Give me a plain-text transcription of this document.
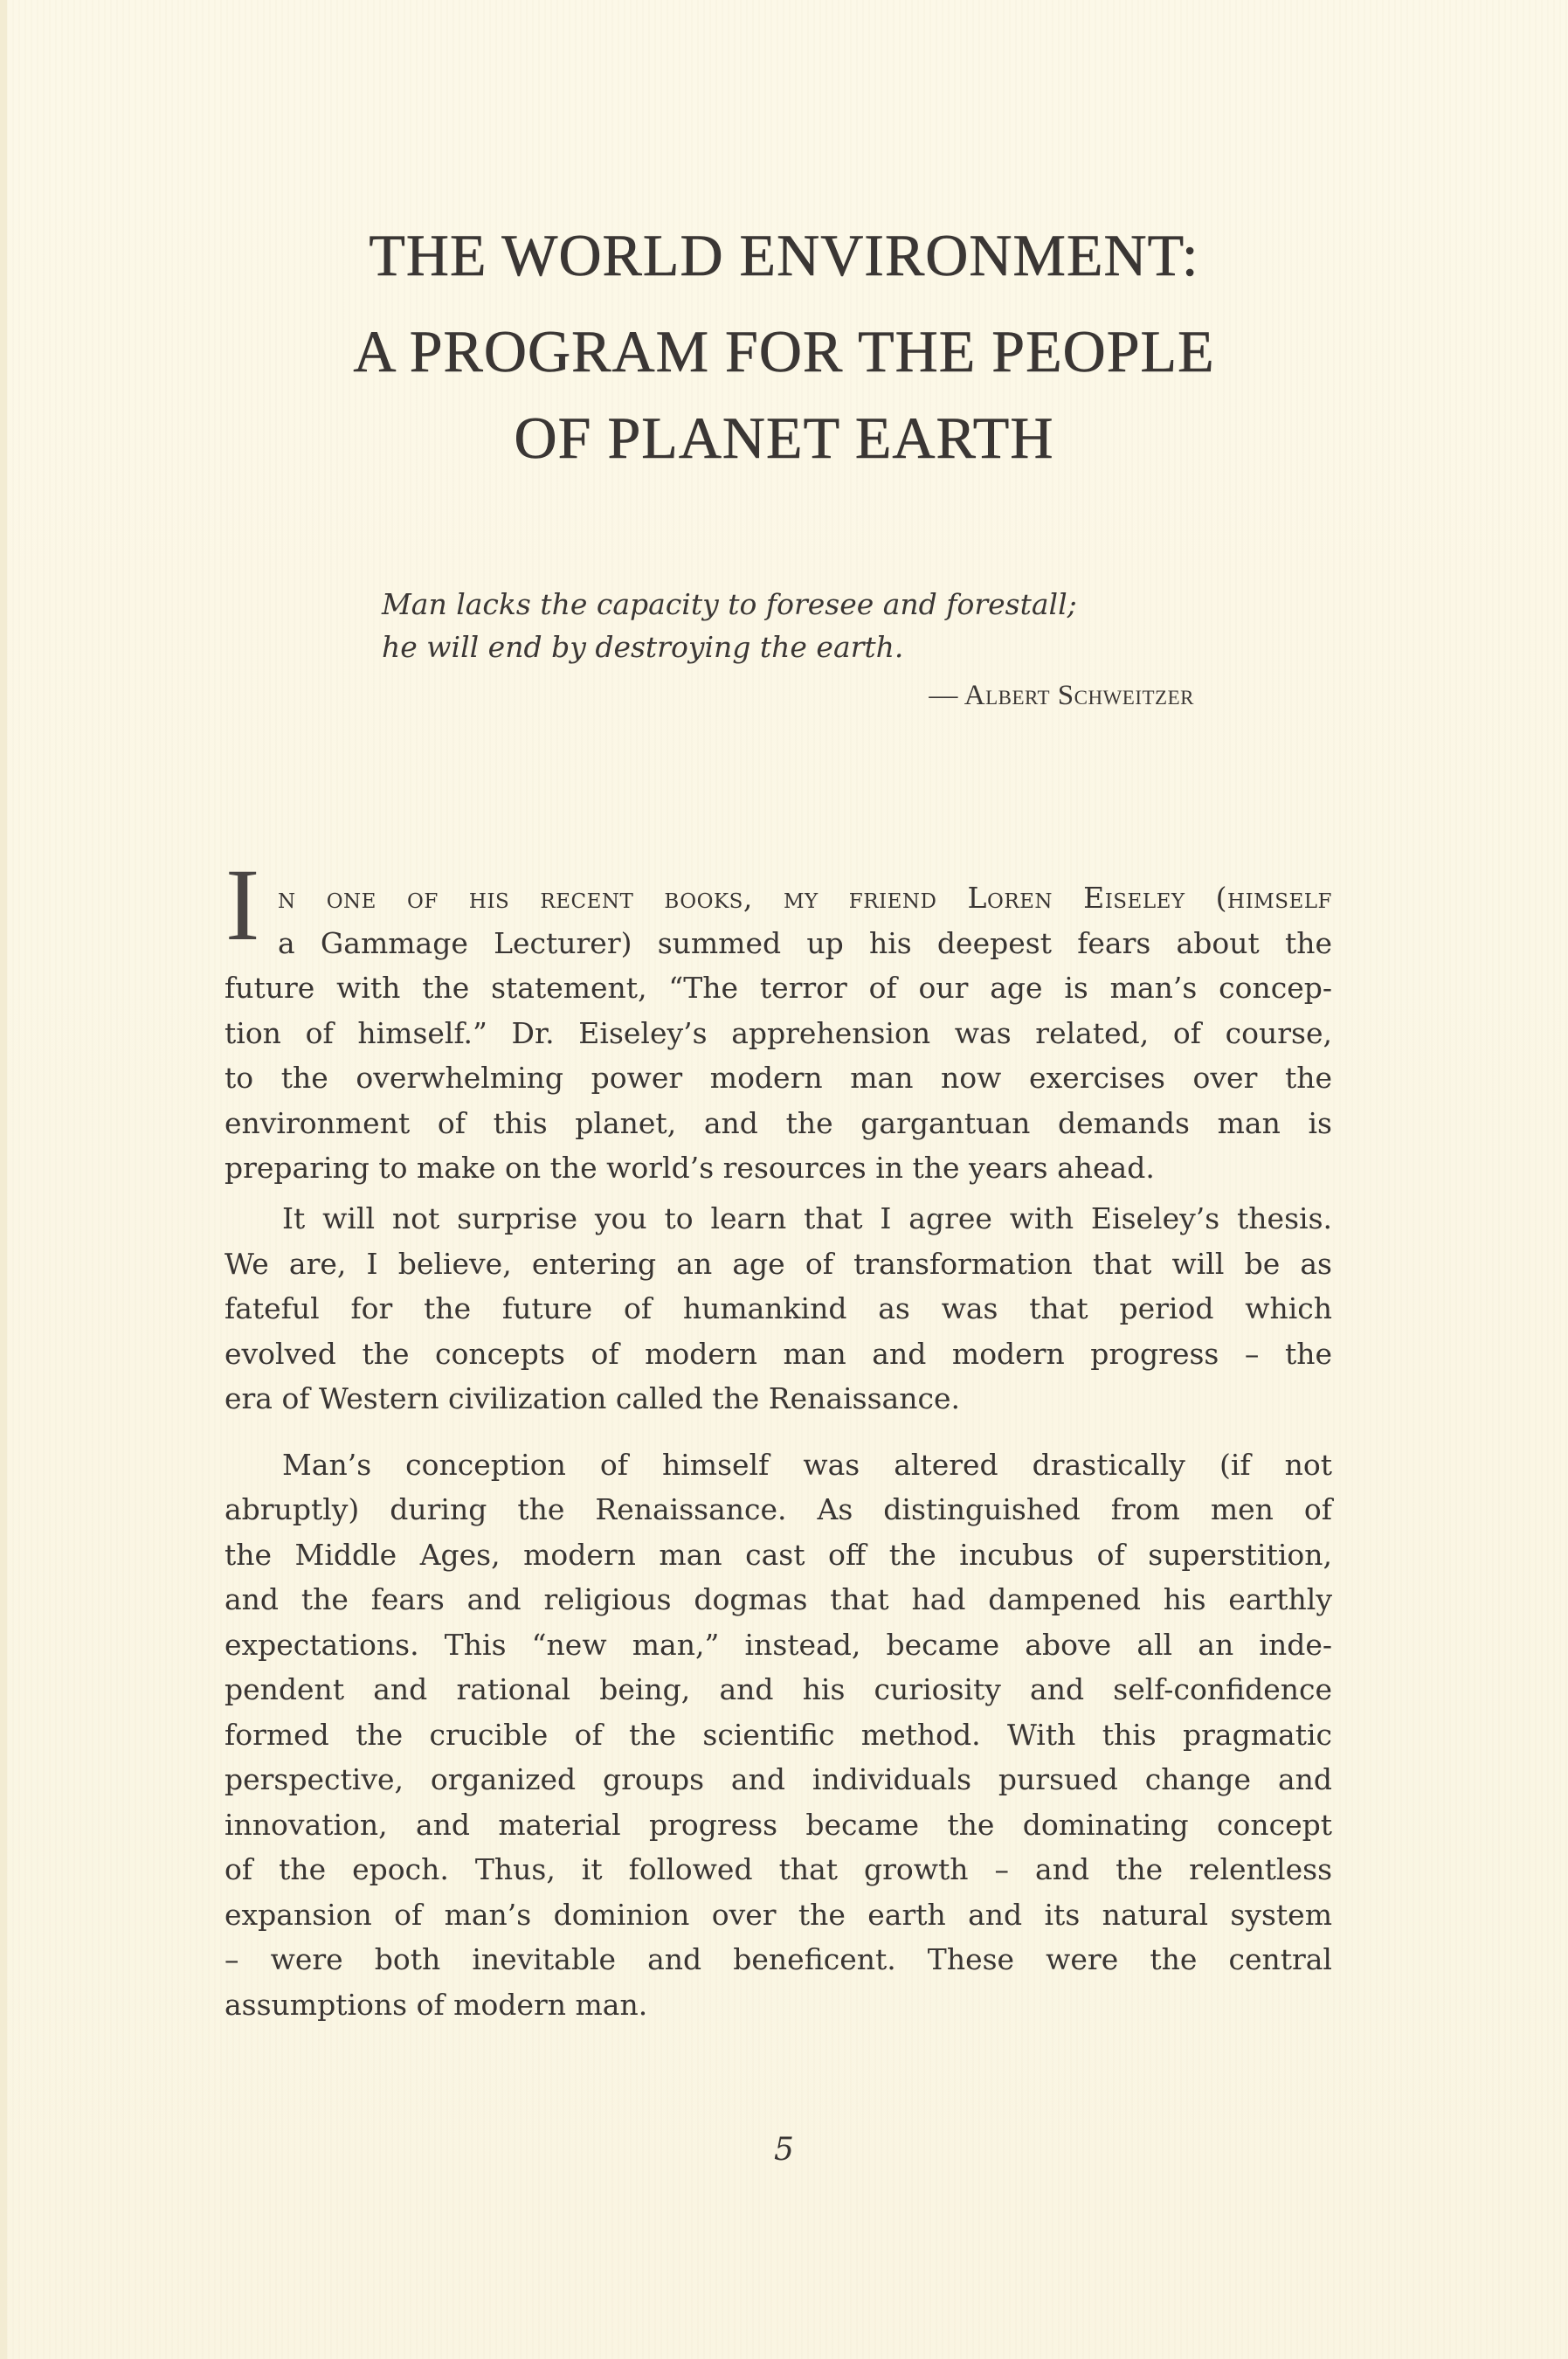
THE WORLD ENVIRONMENT:
A PROGRAM FOR THE PEOPLE
OF PLANET EARTH
Man lacks the capacity to foresee and forestall;
he will end by destroying the earth.
— Albert Schweitzer
I n one of his recent books, my friend Loren Eiseley (himself
a Gammage Lecturer) summed up his deepest fears about the
future with the statement, “The terror of our age is man’s concep-
tion of himself.” Dr. Eiseley’s apprehension was related, of course,
to the overwhelming power modern man now exercises over the
environment of this planet, and the gargantuan demands man is
preparing to make on the world’s resources in the years ahead.
It will not surprise you to learn that I agree with Eiseley’s thesis.
We are, I believe, entering an age of transformation that will be as
fateful for the future of humankind as was that period which
evolved the concepts of modern man and modern progress – the
era of Western civilization called the Renaissance.
Man’s conception of himself was altered drastically (if not
abruptly) during the Renaissance. As distinguished from men of
the Middle Ages, modern man cast off the incubus of superstition,
and the fears and religious dogmas that had dampened his earthly
expectations. This “new man,” instead, became above all an inde-
pendent and rational being, and his curiosity and self-confidence
formed the crucible of the scientific method. With this pragmatic
perspective, organized groups and individuals pursued change and
innovation, and material progress became the dominating concept
of the epoch. Thus, it followed that growth – and the relentless
expansion of man’s dominion over the earth and its natural system
– were both inevitable and beneficent. These were the central
assumptions of modern man.
5
